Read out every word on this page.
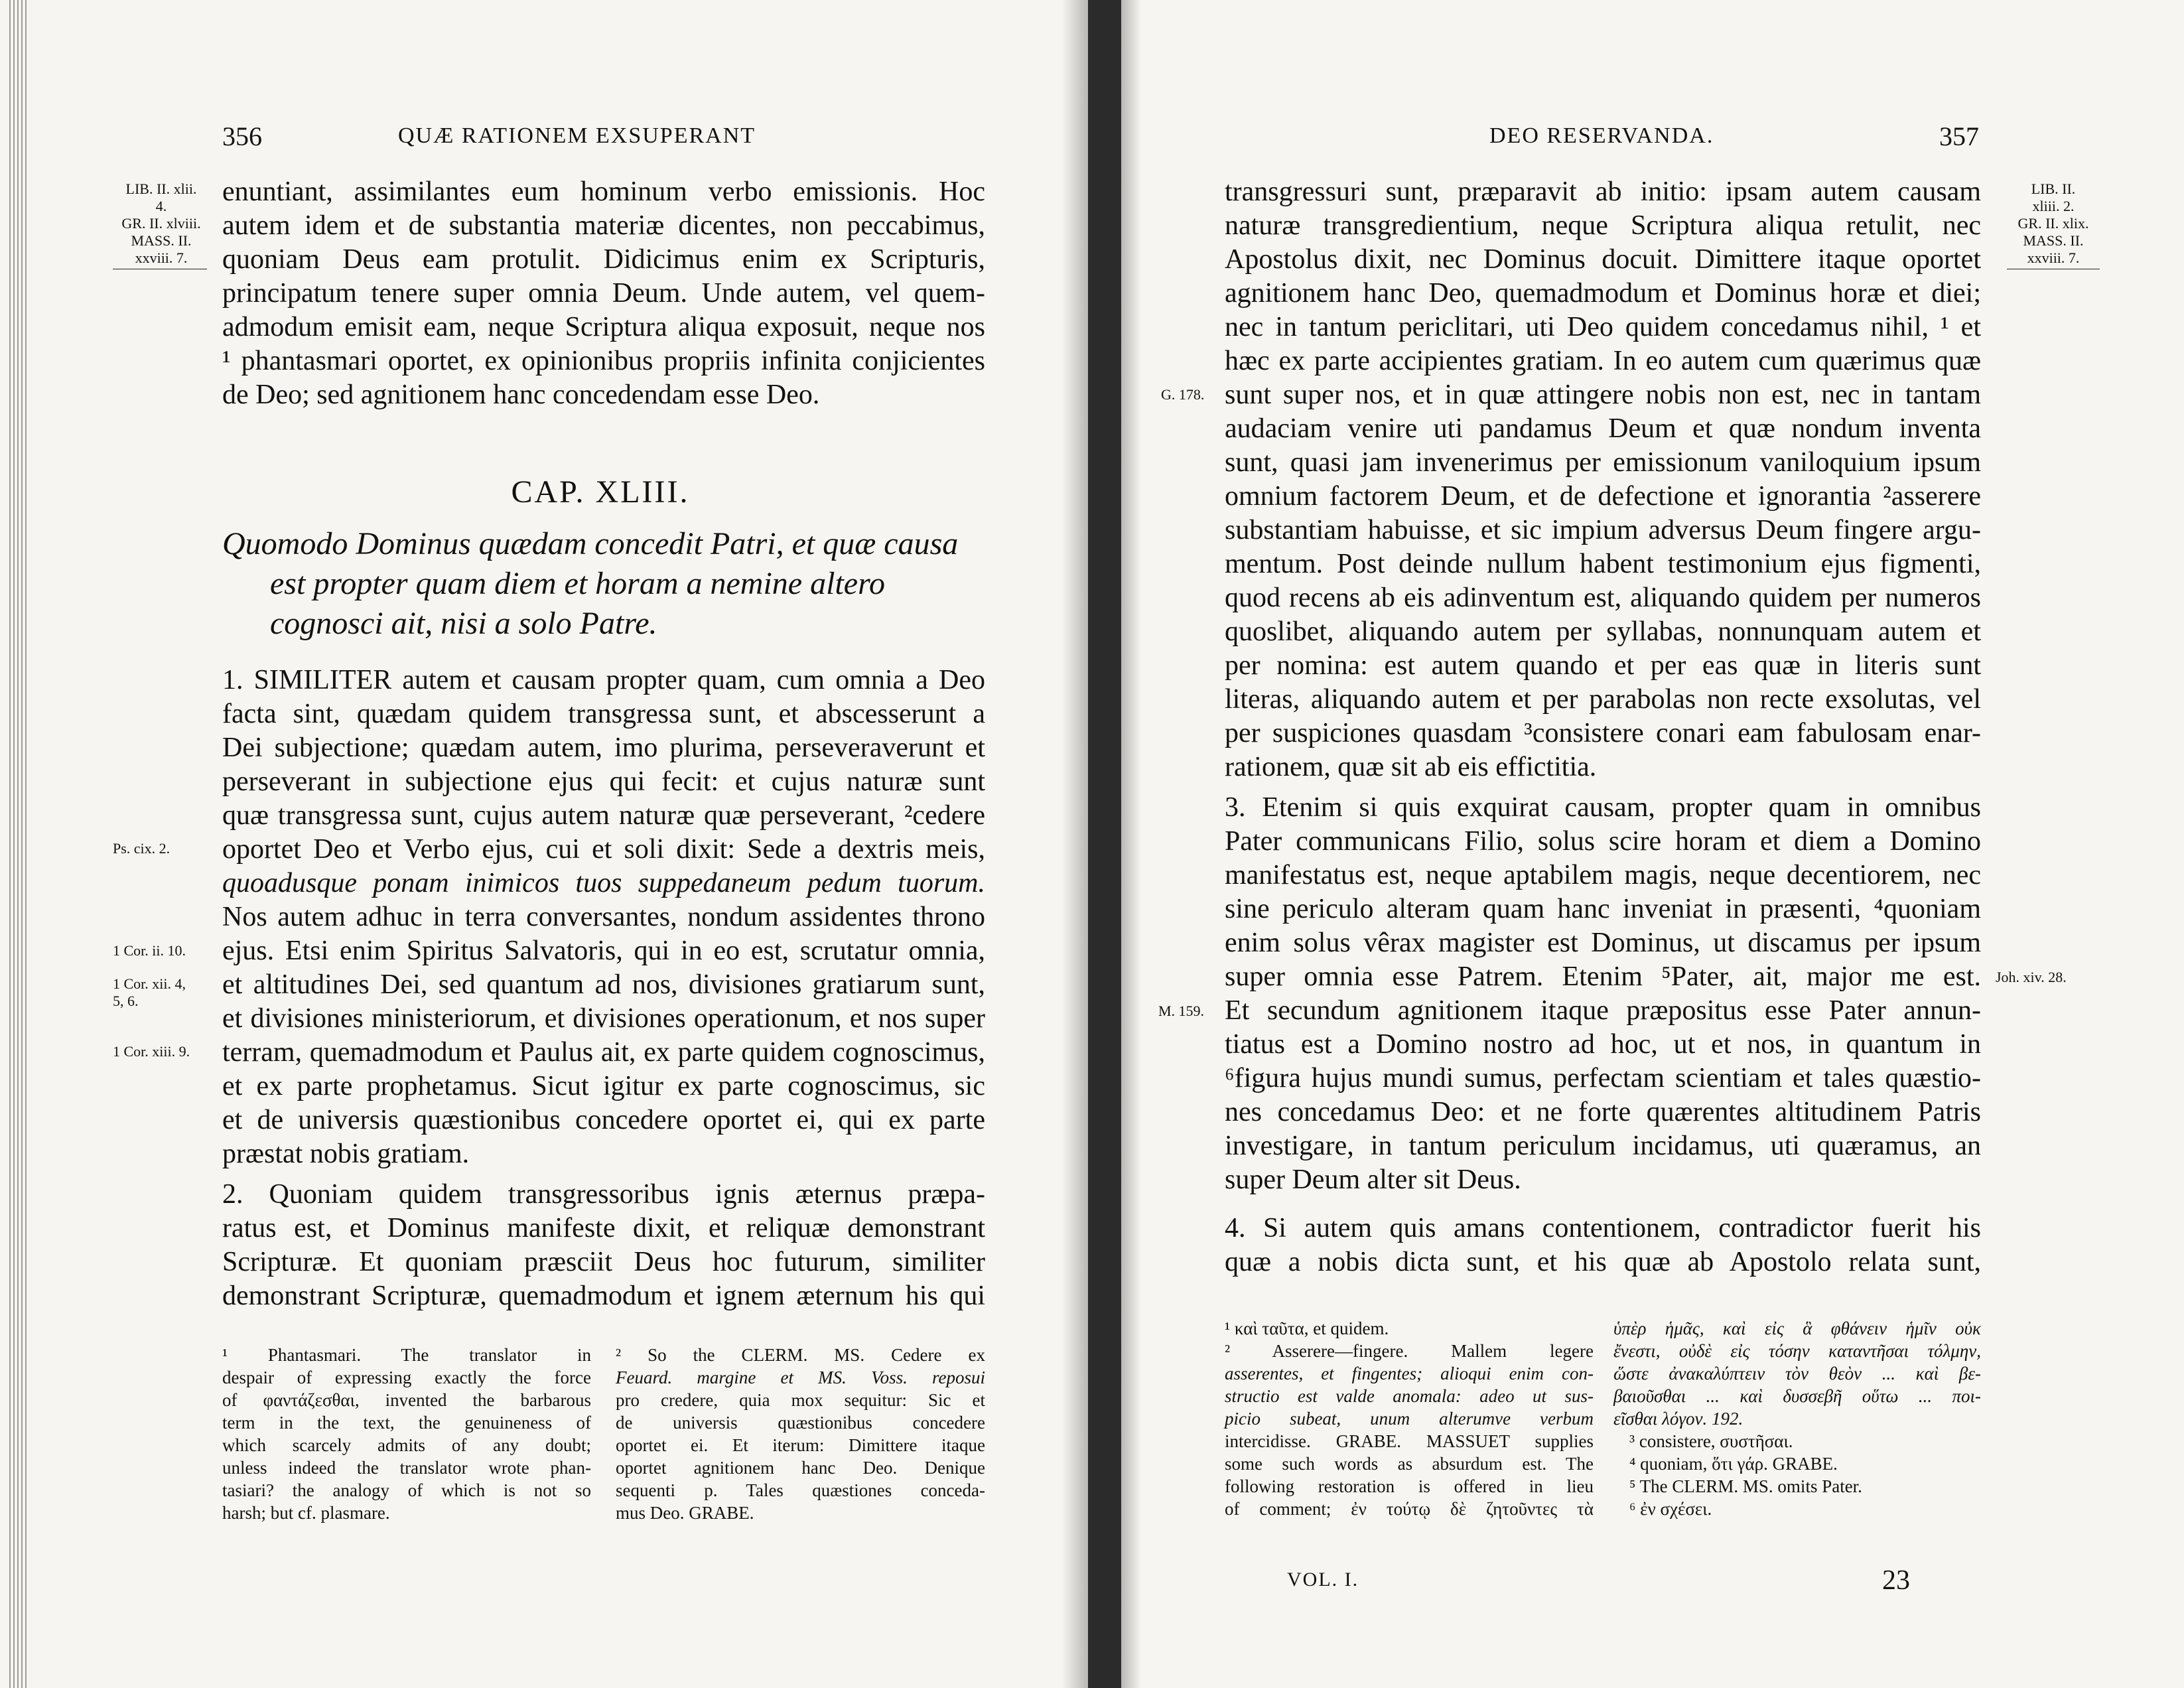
356	QUÆ RATIONEM EXSUPERANT
LIB. II. xlii.
4.
GR. II. xlviii.
MASS. II.
xxviii. 7.
enuntiant, assimilantes eum hominum verbo emissionis. Hoc
autem idem et de substantia materiæ dicentes, non peccabimus,
quoniam Deus eam protulit. Didicimus enim ex Scripturis,
principatum tenere super omnia Deum. Unde autem, vel quem-
admodum emisit eam, neque Scriptura aliqua exposuit, neque nos
¹ phantasmari oportet, ex opinionibus propriis infinita conjicientes
de Deo; sed agnitionem hanc concedendam esse Deo.
CAP. XLIII.
Quomodo Dominus quædam concedit Patri, et quæ causa
est propter quam diem et horam a nemine altero
cognosci ait, nisi a solo Patre.
1. SIMILITER autem et causam propter quam, cum omnia a Deo
facta sint, quædam quidem transgressa sunt, et abscesserunt a
Dei subjectione; quædam autem, imo plurima, perseveraverunt et
perseverant in subjectione ejus qui fecit: et cujus naturæ sunt
quæ transgressa sunt, cujus autem naturæ quæ perseverant, ²cedere
oportet Deo et Verbo ejus, cui et soli dixit: Sede a dextris meis,
quoadusque ponam inimicos tuos suppedaneum pedum tuorum.
Nos autem adhuc in terra conversantes, nondum assidentes throno
ejus. Etsi enim Spiritus Salvatoris, qui in eo est, scrutatur omnia,
et altitudines Dei, sed quantum ad nos, divisiones gratiarum sunt,
et divisiones ministeriorum, et divisiones operationum, et nos super
terram, quemadmodum et Paulus ait, ex parte quidem cognoscimus,
et ex parte prophetamus. Sicut igitur ex parte cognoscimus, sic
et de universis quæstionibus concedere oportet ei, qui ex parte
præstat nobis gratiam.
Ps. cix. 2.
1 Cor. ii. 10.
1 Cor. xii. 4,
5, 6.
1 Cor. xiii. 9.
2. Quoniam quidem transgressoribus ignis æternus præpa-
ratus est, et Dominus manifeste dixit, et reliquæ demonstrant
Scripturæ. Et quoniam præsciit Deus hoc futurum, similiter
demonstrant Scripturæ, quemadmodum et ignem æternum his qui
¹ Phantasmari. The translator in
despair of expressing exactly the force
of φαντάζεσθαι, invented the barbarous
term in the text, the genuineness of
which scarcely admits of any doubt;
unless indeed the translator wrote phan-
tasiari? the analogy of which is not so
harsh; but cf. plasmare.
² So the CLERM. MS. Cedere ex
Feuard. margine et MS. Voss. reposui
pro credere, quia mox sequitur: Sic et
de universis quæstionibus concedere
oportet ei. Et iterum: Dimittere itaque
oportet agnitionem hanc Deo. Denique
sequenti p. Tales quæstiones conceda-
mus Deo. GRABE.
DEO RESERVANDA.	357
LIB. II.
xliii. 2.
GR. II. xlix.
MASS. II.
xxviii. 7.
transgressuri sunt, præparavit ab initio: ipsam autem causam
naturæ transgredientium, neque Scriptura aliqua retulit, nec
Apostolus dixit, nec Dominus docuit. Dimittere itaque oportet
agnitionem hanc Deo, quemadmodum et Dominus horæ et diei;
nec in tantum periclitari, uti Deo quidem concedamus nihil, ¹ et
hæc ex parte accipientes gratiam. In eo autem cum quærimus quæ
sunt super nos, et in quæ attingere nobis non est, nec in tantam
audaciam venire uti pandamus Deum et quæ nondum inventa
sunt, quasi jam invenerimus per emissionum vaniloquium ipsum
omnium factorem Deum, et de defectione et ignorantia ²asserere
substantiam habuisse, et sic impium adversus Deum fingere argu-
mentum. Post deinde nullum habent testimonium ejus figmenti,
quod recens ab eis adinventum est, aliquando quidem per numeros
quoslibet, aliquando autem per syllabas, nonnunquam autem et
per nomina: est autem quando et per eas quæ in literis sunt
literas, aliquando autem et per parabolas non recte exsolutas, vel
per suspiciones quasdam ³consistere conari eam fabulosam enar-
rationem, quæ sit ab eis effictitia.
G. 178.
3. Etenim si quis exquirat causam, propter quam in omnibus
Pater communicans Filio, solus scire horam et diem a Domino
manifestatus est, neque aptabilem magis, neque decentiorem, nec
sine periculo alteram quam hanc inveniat in præsenti, ⁴quoniam
enim solus vêrax magister est Dominus, ut discamus per ipsum
super omnia esse Patrem. Etenim ⁵Pater, ait, major me est.
Et secundum agnitionem itaque præpositus esse Pater annun-
tiatus est a Domino nostro ad hoc, ut et nos, in quantum in
⁶figura hujus mundi sumus, perfectam scientiam et tales quæstio-
nes concedamus Deo: et ne forte quærentes altitudinem Patris
investigare, in tantum periculum incidamus, uti quæramus, an
super Deum alter sit Deus.
Joh. xiv. 28.
M. 159.
4. Si autem quis amans contentionem, contradictor fuerit his
quæ a nobis dicta sunt, et his quæ ab Apostolo relata sunt,
¹ καὶ ταῦτα, et quidem.
² Asserere—fingere. Mallem legere
asserentes, et fingentes; alioqui enim con-
structio est valde anomala: adeo ut sus-
picio subeat, unum alterumve verbum
intercidisse. GRABE. MASSUET supplies
some such words as absurdum est. The
following restoration is offered in lieu
of comment; ἐν τούτῳ δὲ ζητοῦντες τὰ
ὑπὲρ ἡμᾶς, καὶ εἰς ἃ φθάνειν ἡμῖν οὐκ
ἔνεστι, οὐδὲ εἰς τόσην καταντῆσαι τόλμην,
ὥστε ἀνακαλύπτειν τὸν θεὸν ... καὶ βε-
βαιοῦσθαι ... καὶ δυσσεβῆ οὕτω ... ποι-
εῖσθαι λόγον. 192.
³ consistere, συστῆσαι.
⁴ quoniam, ὅτι γάρ. GRABE.
⁵ The CLERM. MS. omits Pater.
⁶ ἐν σχέσει.
VOL. I.	23
